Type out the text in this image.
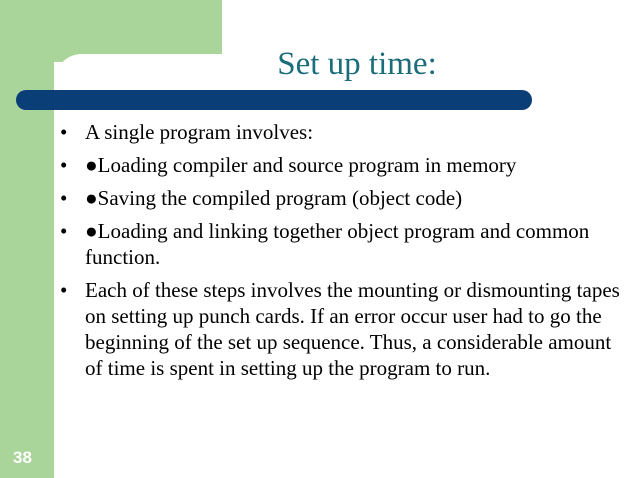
Set up time:
• A single program involves:
• ●Loading compiler and source program in memory
• ●Saving the compiled program (object code)
• ●Loading and linking together object program and common function.
• Each of these steps involves the mounting or dismounting tapes on setting up punch cards. If an error occur user had to go the beginning of the set up sequence. Thus, a considerable amount of time is spent in setting up the program to run.
38
